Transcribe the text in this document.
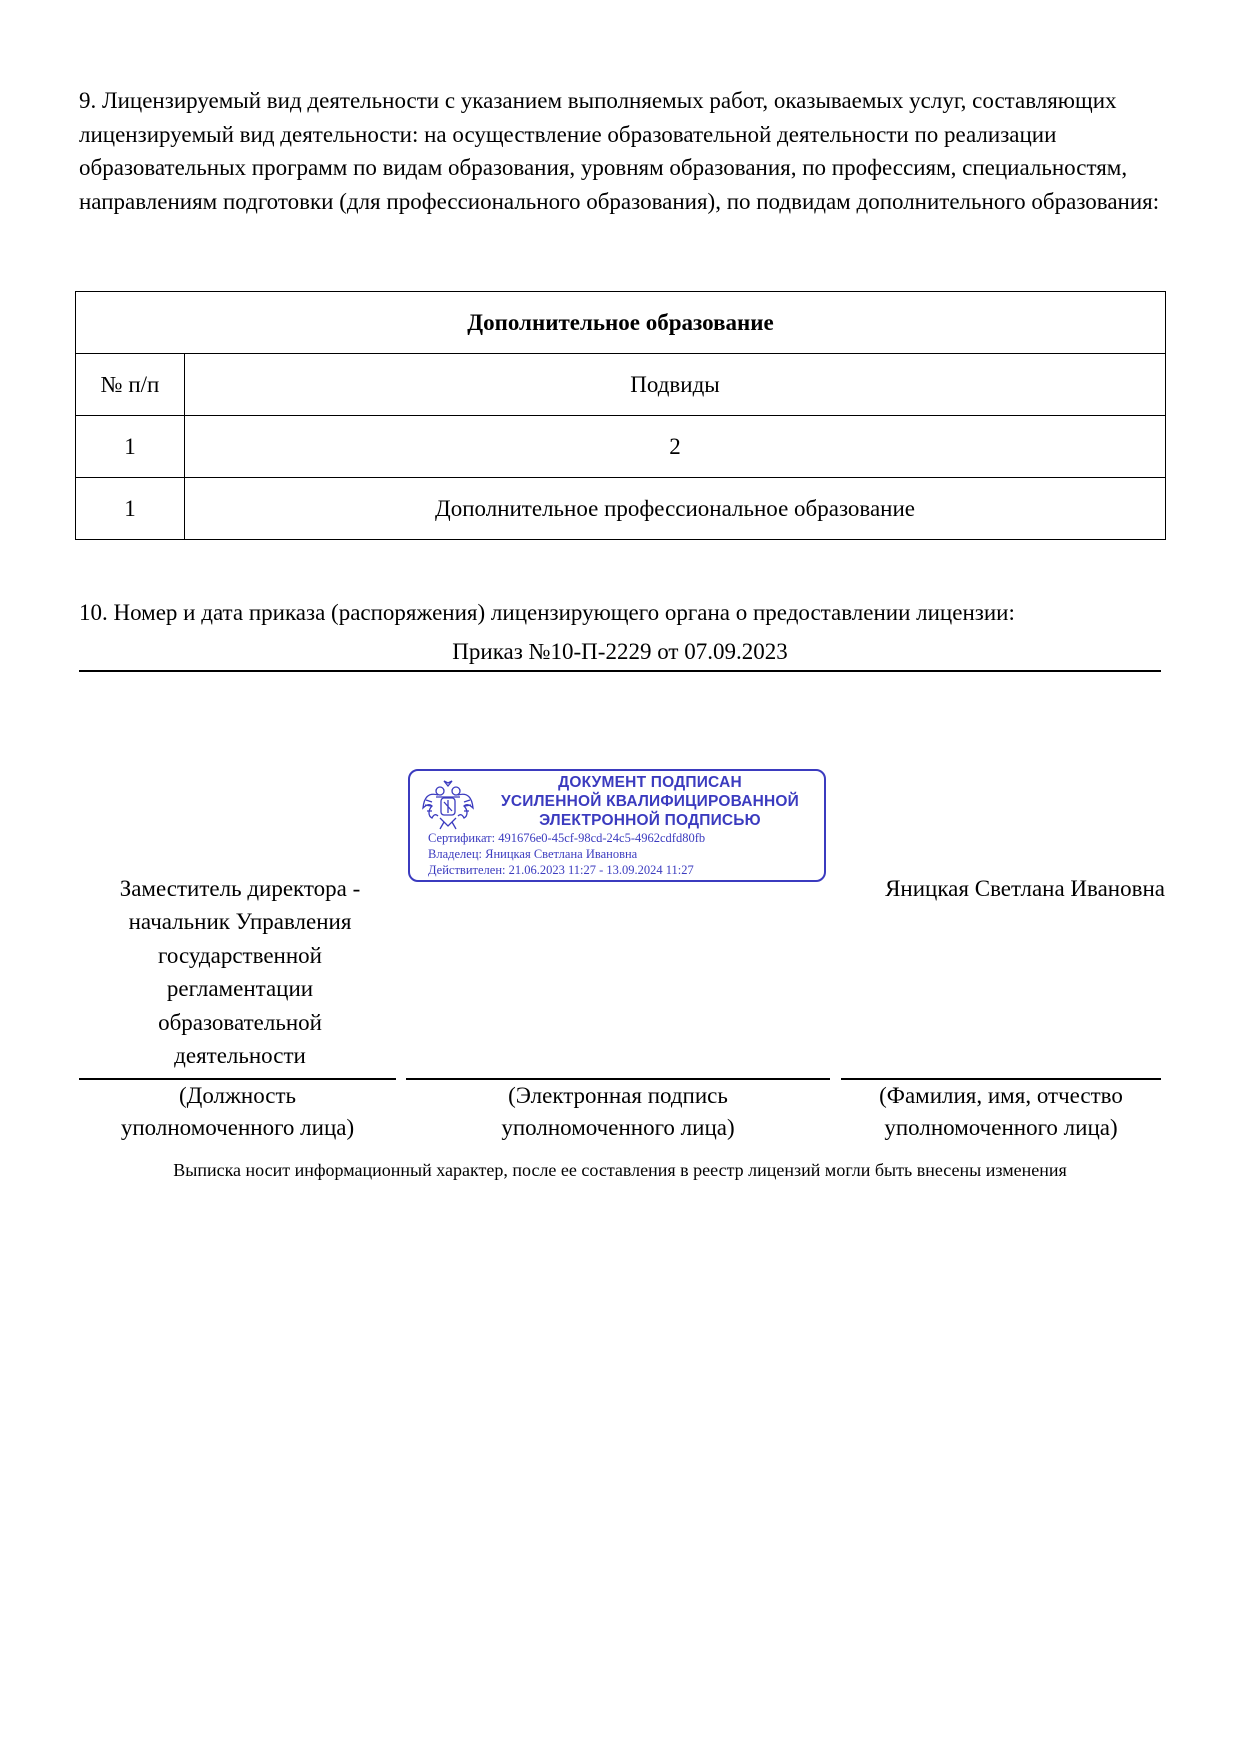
9. Лицензируемый вид деятельности с указанием выполняемых работ, оказываемых услуг, составляющих лицензируемый вид деятельности: на осуществление образовательной деятельности по реализации образовательных программ по видам образования, уровням образования, по профессиям, специальностям, направлениям подготовки (для профессионального образования), по подвидам дополнительного образования:
Дополнительное образование	
№ п/п	Подвиды
1	2
1	Дополнительное профессиональное образование
10. Номер и дата приказа (распоряжения) лицензирующего органа о предоставлении лицензии:
Приказ №10-П-2229 от 07.09.2023
ДОКУМЕНТ ПОДПИСАН
УСИЛЕННОЙ КВАЛИФИЦИРОВАННОЙ
ЭЛЕКТРОННОЙ ПОДПИСЬЮ
Сертификат: 491676e0-45cf-98cd-24c5-4962cdfd80fb
Владелец: Яницкая Светлана Ивановна
Действителен: 21.06.2023 11:27 - 13.09.2024 11:27
Заместитель директора -
начальник Управления
государственной
регламентации
образовательной
деятельности
Яницкая Светлана Ивановна
(Должность
уполномоченного лица)
(Электронная подпись
уполномоченного лица)
(Фамилия, имя, отчество
уполномоченного лица)
Выписка носит информационный характер, после ее составления в реестр лицензий могли быть внесены изменения
